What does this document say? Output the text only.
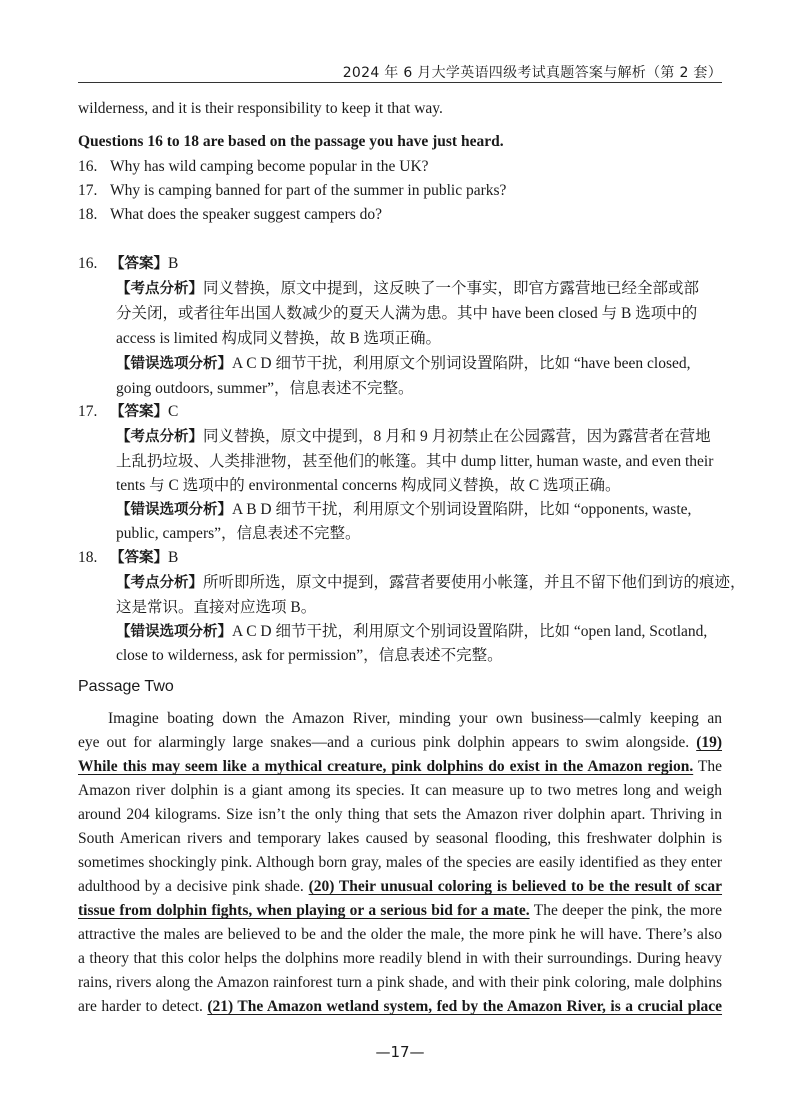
2024 年 6 月大学英语四级考试真题答案与解析（第 2 套）
wilderness, and it is their responsibility to keep it that way.
Questions 16 to 18 are based on the passage you have just heard.
16. Why has wild camping become popular in the UK?
17. Why is camping banned for part of the summer in public parks?
18. What does the speaker suggest campers do?
16. 【答案】B
【考点分析】同义替换，原文中提到，这反映了一个事实，即官方露营地已经全部或部
分关闭，或者往年出国人数减少的夏天人满为患。其中 have been closed 与 B 选项中的
access is limited 构成同义替换，故 B 选项正确。
【错误选项分析】A C D 细节干扰，利用原文个别词设置陷阱，比如 “have been closed,
going outdoors, summer”，信息表述不完整。
17. 【答案】C
【考点分析】同义替换，原文中提到，8 月和 9 月初禁止在公园露营，因为露营者在营地
上乱扔垃圾、人类排泄物，甚至他们的帐篷。其中 dump litter, human waste, and even their
tents 与 C 选项中的 environmental concerns 构成同义替换，故 C 选项正确。
【错误选项分析】A B D 细节干扰，利用原文个别词设置陷阱，比如 “opponents, waste,
public, campers”，信息表述不完整。
18. 【答案】B
【考点分析】所听即所选，原文中提到，露营者要使用小帐篷，并且不留下他们到访的痕迹，
这是常识。直接对应选项 B。
【错误选项分析】A C D 细节干扰，利用原文个别词设置陷阱，比如 “open land, Scotland,
close to wilderness, ask for permission”，信息表述不完整。
Passage Two
Imagine boating down the Amazon River, minding your own business—calmly keeping an
eye out for alarmingly large snakes—and a curious pink dolphin appears to swim alongside. (19)
While this may seem like a mythical creature, pink dolphins do exist in the Amazon region. The
Amazon river dolphin is a giant among its species. It can measure up to two metres long and weigh
around 204 kilograms. Size isn’t the only thing that sets the Amazon river dolphin apart. Thriving in
South American rivers and temporary lakes caused by seasonal flooding, this freshwater dolphin is
sometimes shockingly pink. Although born gray, males of the species are easily identified as they enter
adulthood by a decisive pink shade. (20) Their unusual coloring is believed to be the result of scar
tissue from dolphin fights, when playing or a serious bid for a mate. The deeper the pink, the more
attractive the males are believed to be and the older the male, the more pink he will have. There’s also
a theory that this color helps the dolphins more readily blend in with their surroundings. During heavy
rains, rivers along the Amazon rainforest turn a pink shade, and with their pink coloring, male dolphins
are harder to detect. (21) The Amazon wetland system, fed by the Amazon River, is a crucial place
—17—
